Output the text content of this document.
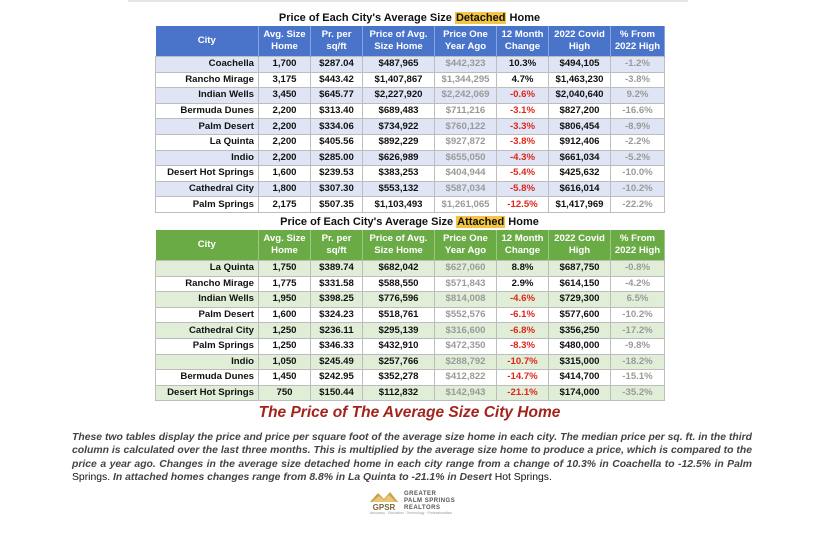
Price of Each City's Average Size Detached Home
City	Avg. Size Home	Pr. per sq/ft	Price of Avg. Size Home	Price One Year Ago	12 Month Change	2022 Covid High	% From 2022 High
Coachella	1,700	$287.04	$487,965	$442,323	10.3%	$494,105	-1.2%
Rancho Mirage	3,175	$443.42	$1,407,867	$1,344,295	4.7%	$1,463,230	-3.8%
Indian Wells	3,450	$645.77	$2,227,920	$2,242,069	-0.6%	$2,040,640	9.2%
Bermuda Dunes	2,200	$313.40	$689,483	$711,216	-3.1%	$827,200	-16.6%
Palm Desert	2,200	$334.06	$734,922	$760,122	-3.3%	$806,454	-8.9%
La Quinta	2,200	$405.56	$892,229	$927,872	-3.8%	$912,406	-2.2%
Indio	2,200	$285.00	$626,989	$655,050	-4.3%	$661,034	-5.2%
Desert Hot Springs	1,600	$239.53	$383,253	$404,944	-5.4%	$425,632	-10.0%
Cathedral City	1,800	$307.30	$553,132	$587,034	-5.8%	$616,014	-10.2%
Palm Springs	2,175	$507.35	$1,103,493	$1,261,065	-12.5%	$1,417,969	-22.2%
Price of Each City's Average Size Attached Home
City	Avg. Size Home	Pr. per sq/ft	Price of Avg. Size Home	Price One Year Ago	12 Month Change	2022 Covid High	% From 2022 High
La Quinta	1,750	$389.74	$682,042	$627,060	8.8%	$687,750	-0.8%
Rancho Mirage	1,775	$331.58	$588,550	$571,843	2.9%	$614,150	-4.2%
Indian Wells	1,950	$398.25	$776,596	$814,008	-4.6%	$729,300	6.5%
Palm Desert	1,600	$324.23	$518,761	$552,576	-6.1%	$577,600	-10.2%
Cathedral City	1,250	$236.11	$295,139	$316,600	-6.8%	$356,250	-17.2%
Palm Springs	1,250	$346.33	$432,910	$472,350	-8.3%	$480,000	-9.8%
Indio	1,050	$245.49	$257,766	$288,792	-10.7%	$315,000	-18.2%
Bermuda Dunes	1,450	$242.95	$352,278	$412,822	-14.7%	$414,700	-15.1%
Desert Hot Springs	750	$150.44	$112,832	$142,943	-21.1%	$174,000	-35.2%
The Price of The Average Size City Home
These two tables display the price and price per square foot of the average size home in each city. The median price per sq. ft. in the third column is calculated over the last three months. This is multiplied by the average size home to produce a price, which is compared to the price a year ago. Changes in the average size detached home in each city range from a change of 10.3% in Coachella to -12.5% in Palm Springs. In attached homes changes range from 8.8% in La Quinta to -21.1% in Desert Hot Springs.
GPSR
GREATER
PALM SPRINGS
REALTORS
Advocacy · Education · Technology · Professionalism
